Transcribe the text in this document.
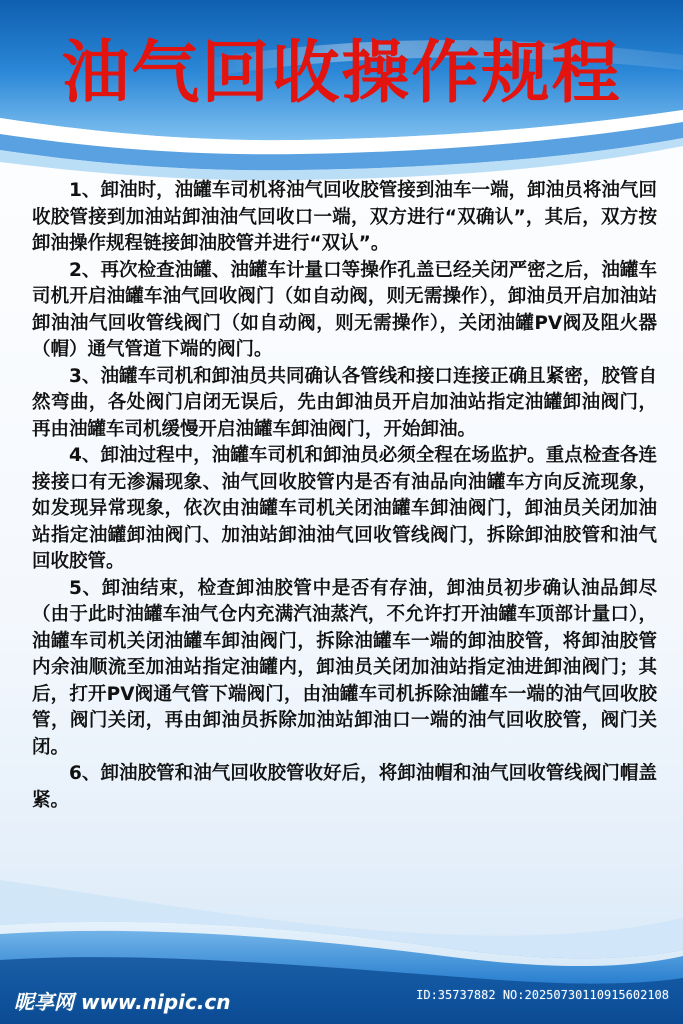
油气回收操作规程

1、卸油时，油罐车司机将油气回收胶管接到油车一端，卸油员将油气回收胶管接到加油站卸油油气回收口一端，双方进行“双确认”，其后，双方按卸油操作规程链接卸油胶管并进行“双认”。

2、再次检查油罐、油罐车计量口等操作孔盖已经关闭严密之后，油罐车司机开启油罐车油气回收阀门（如自动阀，则无需操作），卸油员开启加油站卸油油气回收管线阀门（如自动阀，则无需操作），关闭油罐PV阀及阻火器（帽）通气管道下端的阀门。

3、油罐车司机和卸油员共同确认各管线和接口连接正确且紧密，胶管自然弯曲，各处阀门启闭无误后，先由卸油员开启加油站指定油罐卸油阀门，再由油罐车司机缓慢开启油罐车卸油阀门，开始卸油。

4、卸油过程中，油罐车司机和卸油员必须全程在场监护。重点检查各连接接口有无渗漏现象、油气回收胶管内是否有油品向油罐车方向反流现象，如发现异常现象，依次由油罐车司机关闭油罐车卸油阀门，卸油员关闭加油站指定油罐卸油阀门、加油站卸油油气回收管线阀门，拆除卸油胶管和油气回收胶管。

5、卸油结束，检查卸油胶管中是否有存油，卸油员初步确认油品卸尽（由于此时油罐车油气仓内充满汽油蒸汽，不允许打开油罐车顶部计量口），油罐车司机关闭油罐车卸油阀门，拆除油罐车一端的卸油胶管，将卸油胶管内余油顺流至加油站指定油罐内，卸油员关闭加油站指定油进卸油阀门；其后，打开PV阀通气管下端阀门，由油罐车司机拆除油罐车一端的油气回收胶管，阀门关闭，再由卸油员拆除加油站卸油口一端的油气回收胶管，阀门关闭。

6、卸油胶管和油气回收胶管收好后，将卸油帽和油气回收管线阀门帽盖紧。

昵享网 www.nipic.cn	ID:35737882 NO:20250730110915602108
